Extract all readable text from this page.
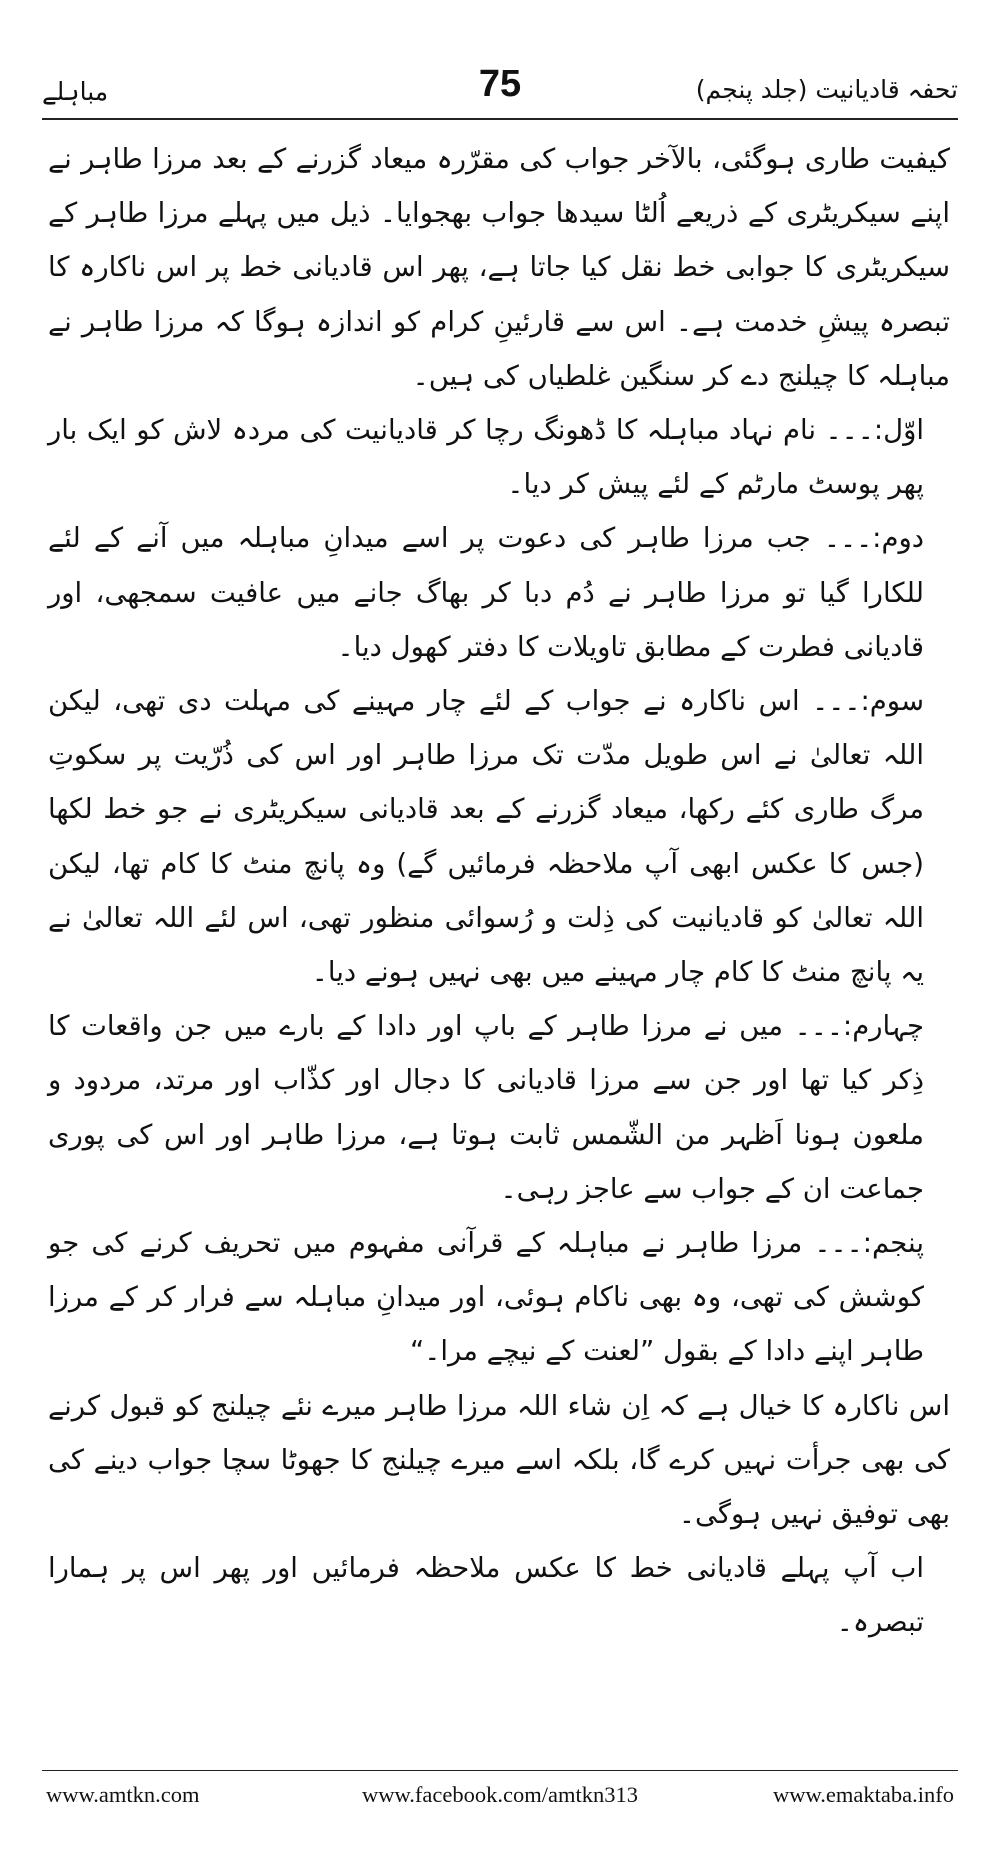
تحفہ قادیانیت (جلد پنجم)
75
مباہلے

کیفیت طاری ہوگئی، بالآخر جواب کی مقرّرہ میعاد گزرنے کے بعد مرزا طاہر نے اپنے سیکریٹری کے ذریعے اُلٹا سیدھا جواب بھجوایا۔ ذیل میں پہلے مرزا طاہر کے سیکریٹری کا جوابی خط نقل کیا جاتا ہے، پھر اس قادیانی خط پر اس ناکارہ کا تبصرہ پیشِ خدمت ہے۔ اس سے قارئینِ کرام کو اندازہ ہوگا کہ مرزا طاہر نے مباہلہ کا چیلنج دے کر سنگین غلطیاں کی ہیں۔

اوّل:۔۔۔ نام نہاد مباہلہ کا ڈھونگ رچا کر قادیانیت کی مردہ لاش کو ایک بار پھر پوسٹ مارٹم کے لئے پیش کر دیا۔

دوم:۔۔۔ جب مرزا طاہر کی دعوت پر اسے میدانِ مباہلہ میں آنے کے لئے للکارا گیا تو مرزا طاہر نے دُم دبا کر بھاگ جانے میں عافیت سمجھی، اور قادیانی فطرت کے مطابق تاویلات کا دفتر کھول دیا۔

سوم:۔۔۔ اس ناکارہ نے جواب کے لئے چار مہینے کی مہلت دی تھی، لیکن اللہ تعالیٰ نے اس طویل مدّت تک مرزا طاہر اور اس کی ذُرّیت پر سکوتِ مرگ طاری کئے رکھا، میعاد گزرنے کے بعد قادیانی سیکریٹری نے جو خط لکھا (جس کا عکس ابھی آپ ملاحظہ فرمائیں گے) وہ پانچ منٹ کا کام تھا، لیکن اللہ تعالیٰ کو قادیانیت کی ذِلت و رُسوائی منظور تھی، اس لئے اللہ تعالیٰ نے یہ پانچ منٹ کا کام چار مہینے میں بھی نہیں ہونے دیا۔

چہارم:۔۔۔ میں نے مرزا طاہر کے باپ اور دادا کے بارے میں جن واقعات کا ذِکر کیا تھا اور جن سے مرزا قادیانی کا دجال اور کذّاب اور مرتد، مردود و ملعون ہونا اَظہر من الشّمس ثابت ہوتا ہے، مرزا طاہر اور اس کی پوری جماعت ان کے جواب سے عاجز رہی۔

پنجم:۔۔۔ مرزا طاہر نے مباہلہ کے قرآنی مفہوم میں تحریف کرنے کی جو کوشش کی تھی، وہ بھی ناکام ہوئی، اور میدانِ مباہلہ سے فرار کر کے مرزا طاہر اپنے دادا کے بقول ”لعنت کے نیچے مرا۔“

اس ناکارہ کا خیال ہے کہ اِن شاء اللہ مرزا طاہر میرے نئے چیلنج کو قبول کرنے کی بھی جرأت نہیں کرے گا، بلکہ اسے میرے چیلنج کا جھوٹا سچا جواب دینے کی بھی توفیق نہیں ہوگی۔

اب آپ پہلے قادیانی خط کا عکس ملاحظہ فرمائیں اور پھر اس پر ہمارا تبصرہ۔

www.amtkn.com	www.facebook.com/amtkn313	www.emaktaba.info
